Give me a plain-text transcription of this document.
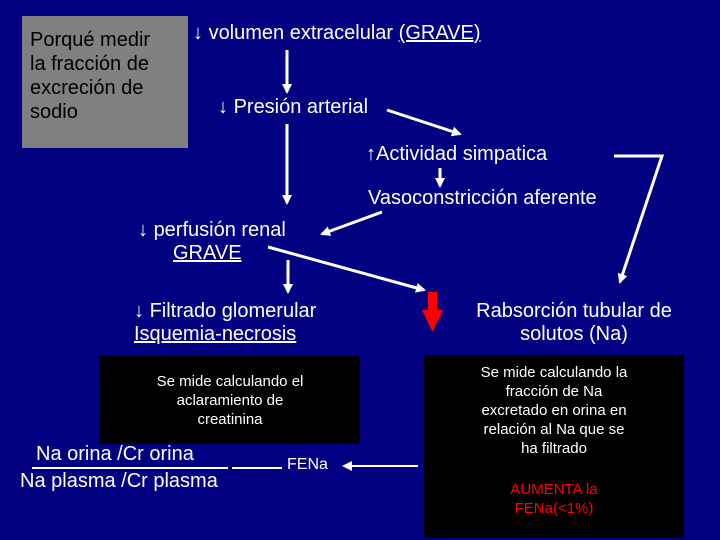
Porqué medir
la fracción de
excreción de
sodio
↓ volumen extracelular (GRAVE)
↓ Presión arterial
↑Actividad simpatica
Vasoconstricción aferente
↓ perfusión renal
GRAVE
↓ Filtrado glomerular
Isquemia-necrosis
Rabsorción tubular de
solutos (Na)
Se mide calculando el
aclaramiento de
creatinina
Se mide calculando la
fracción de Na
excretado en orina en
relación al Na que se
ha filtrado
AUMENTA la
FENa(<1%)
Na orina /Cr orina
Na plasma /Cr plasma
FENa
